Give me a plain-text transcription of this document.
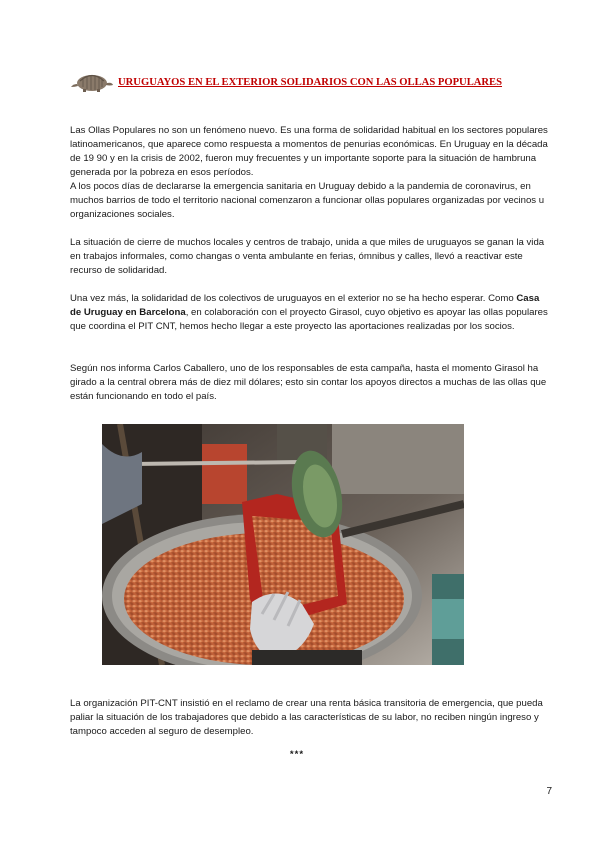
URUGUAYOS EN EL EXTERIOR SOLIDARIOS CON LAS OLLAS POPULARES

Las Ollas Populares no son un fenómeno nuevo. Es una forma de solidaridad habitual en los sectores populares latinoamericanos, que aparece como respuesta a momentos de penurias económicas. En Uruguay en la década de 19 90 y en la crisis de 2002, fueron muy frecuentes y un importante soporte para la situación de hambruna generada por la pobreza en esos períodos.

A los pocos días de declararse la emergencia sanitaria en Uruguay debido a la pandemia de coronavirus, en muchos barrios de todo el territorio nacional comenzaron a funcionar ollas populares organizadas por vecinos u organizaciones sociales.

La situación de cierre de muchos locales y centros de trabajo, unida a que miles de uruguayos se ganan la vida en trabajos informales, como changas o venta ambulante en ferias, ómnibus y calles, llevó a reactivar este recurso de solidaridad.

Una vez más, la solidaridad de los colectivos de uruguayos en el exterior no se ha hecho esperar. Como Casa de Uruguay en Barcelona, en colaboración con el proyecto Girasol, cuyo objetivo es apoyar las ollas populares que coordina el PIT CNT, hemos hecho llegar a este proyecto las aportaciones realizadas por los socios.

Según nos informa Carlos Caballero, uno de los responsables de esta campaña, hasta el momento Girasol ha girado a la central obrera más de diez mil dólares; esto sin contar los apoyos directos a muchas de las ollas que están funcionando en todo el país.

La organización PIT-CNT insistió en el reclamo de crear una renta básica transitoria de emergencia, que pueda paliar la situación de los trabajadores que debido a las características de su labor, no reciben ningún ingreso y tampoco acceden al seguro de desempleo.

***
7
